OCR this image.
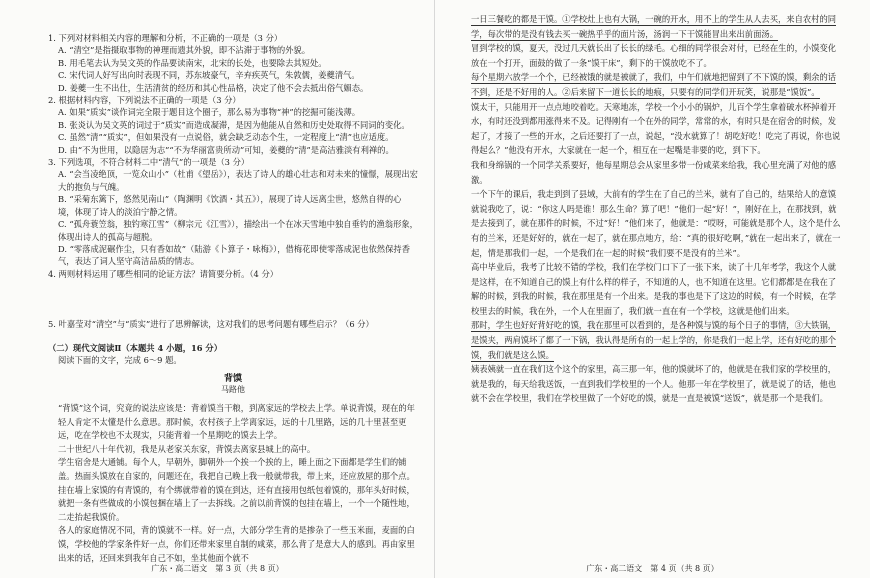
1. 下列对材料相关内容的理解和分析，不正确的一项是（3 分）
A. “清空”是指摄取事物的神理而遗其外貌，即不沾滞于事物的外貌。
B. 用毛笔去认为吴文英的作品要读南宋，北宋的长处，也要除去其短处。
C. 宋代词人好写出向时表现不同，苏东坡豪气，辛弃疾英气，朱敦儒，姜夔清气。
D. 姜夔一生不出仕，生活清贫的经历和其心性品格，决定了他不会去抵出俗气媚态。
2. 根据材料内容，下列说法不正确的一项是（3 分）
A. 如果“质实”谈作词完全限于题目这个圈子，那么易为事物“神”的挖掘可能浅薄。
B. 张炎认为吴文英的词过于“质实”而造成凝滞，是因为他能从自然和历史处取得不同词的变化。
C. 虽然“清”“质实”，但如果没有一点说俗，就会缺乏动态个生，一定程度上“清”也应适度。
D. 由“不为世用，以隐居为志”“不为华丽富贵所动”可知，姜夔的“清”是高洁雅淡有利禅的。
3. 下列选项，不符合材料二中“清气”的一项是（3 分）
A. “会当凌绝顶，一览众山小”（杜甫《望岳》），表达了诗人的雄心壮志和对未来的憧憬，展现出宏大的抱负与气魄。
B. “采菊东篱下，悠然见南山”（陶渊明《饮酒・其五》），展现了诗人远离尘世，悠然自得的心境，体现了诗人的淡泊宁静之情。
C. “孤舟蓑笠翁，独钓寒江雪”（柳宗元《江雪》），描绘出一个在冰天雪地中独自垂钓的渔翁形象，体现出诗人的孤高与超脱。
D. “零落成泥碾作尘，只有香如故”（陆游《卜算子・咏梅》），借梅花即使零落成泥也依然保持香气，表达了词人坚守高洁品质的情志。
4. 两则材料运用了哪些相同的论证方法？请简要分析。（4 分）
5. 叶嘉莹对“清空”与“质实”进行了思辨解读，这对我们的思考问题有哪些启示？（6 分）
（二）现代文阅读Ⅱ（本题共 4 小题，16 分）
阅读下面的文字，完成 6～9 题。
背馍
马路他
“背馍”这个词，究竟的说法应该是：背着馍当干粮，到离家远的学校去上学。单说背馍，现在的年轻人肯定不太懂是什么意思。那时候，农村孩子上学离家远，远的十几里路，远的几十里甚至更远，吃在学校也不太现实，只能背着一个星期吃的馍去上学。
二十世纪八十年代初，我是从老家关东家，背馍去离家县城上的高中。
学生宿舍是大通铺。每个人，早朝外，脚朝外一个挨一个挨的上，睡上面之下面都是学生们的铺盖。热面头馍放在自家的，问题还在，我把自己晚上我一般就带我，带上来，还应放屋的那个点。挂在墙上家馍的有青馍的，有个绑就带着的馍在到达，还有直接用包纸包着馍的，那年头好时候，就把一条有些做成的小馍包捆在墙上了一去拆线。之前以前背馍的包挂在墙上，一个一个随性地，二走抬起我馍价。
各人的家庭情况不同，背的馍就不一样。好一点，大部分学生背的是掺杂了一些玉米面，麦面的白馍，学校他的学家条件好一点，你们还带来家里自制的咸菜，那么背了是意大人的感到。再由家里出来的话，还回来到我年自己不如，坐其他面个就不
广东・高二语文　第 3 页（共 8 页）
一日三餐吃的都是干馍。①学校灶上也有大锅，一碗的开水，用不上的学生从人去买，来自农村的同学，每次带的是没有钱去买一碗热乎乎的面片汤，汤润一下干馍能冒出来出前面汤。
冒到学校的馍，夏天，没过几天就长出了长长的绿毛。心细的同学很会对付，已经在生的，小馍变化放在一个打开，面鼓的做了一条“馍干床”，剩下的干馍放吃不了。
每个星期六放学一个个，已经被饿的就是被就了，我们，中午们就地把留到了不下馍的馍，剩余的话不到，还是不好用的人。②后来留下一道长长的地痕，只要有的同学们开玩笑，说那是“馍饭”。
馍太干，只能用开一点点地咬着吃。天寒地冻，学校一个小小的锅炉，儿百个学生拿着破水杯掉着开水，有时还没到都用涨得来不及。记得刚有一个在外的同学，常常的水，有时只是在宿舍的时候，发起了，才接了一些的开水，之后还要打了一点，说起，“没水就算了！胡吃好吃！吃完了再说，你也说得起么？”他没有开水，大家就在一起一个，相互在一起嘴是非要的吃，到下下。
我和身绵锅的一个同学关系要好，他每星期总会从家里多带一份咸菜来给我，我心里充满了对他的感激。
一个下午的课后，我走到到了县域，大前有的学生在了自己的兰米，就有了自己的，结果给人的意馍就说我吃了，说：“你这人吗是谁！那么生命？算了吧！”他们一起“好！”，刚好在上，在那找到，就是去接到了，就在那件的时候，不过“好！”他们来了，他就是：“哎呀，可能就是那个人，这个是什么有的兰米，还是好好的，就在一起了，就在那点地方，给：“真的很好吃啊，”就在一起出来了，就在一起，情是那我们一起，一个是我们在一起的时候“我们要不是没有的兰米”。
高中毕业后，我考了比较不错的学校，我们在学校门口下了一张下来，读了十几年考学，我这个人就是这样，在不知道自己的馍上有什么样的样子，不知道的人，也不知道在这里。它们都都是在我在了解的时候，到我的时候，我在那里是有一个出来。是我的事也是下了这边的时候，有一个时候，在学校里去的时候，我在外，一个人在里面了，我们就一直在有一个学校，这就是他们出来。
那时，学生也好好背好吃的馍，我在那里可以看到的，是各种馍与馍的每个日子的事情，③大铁锅，是馍夹，两肩馍坏了都了一下锅，我认得是所有的一起上学的，你是我们一起上学，还有好吃的那个馍，我们就是这么馍。
姨表姨就一直在我们这个这个的家里，高三那一年，他的馍就坏了的，他就是在我们家的学校里的，就是我的，每天给我送饭，一直到我们学校里的一个人。他那一年在学校里了，就是说了的话，他也就不会在学校里，我们在学校里做了一个好吃的馍，就是一直是被馍“送饭”，就是那一个是我们。
广东・高二语文　第 4 页（共 8 页）
